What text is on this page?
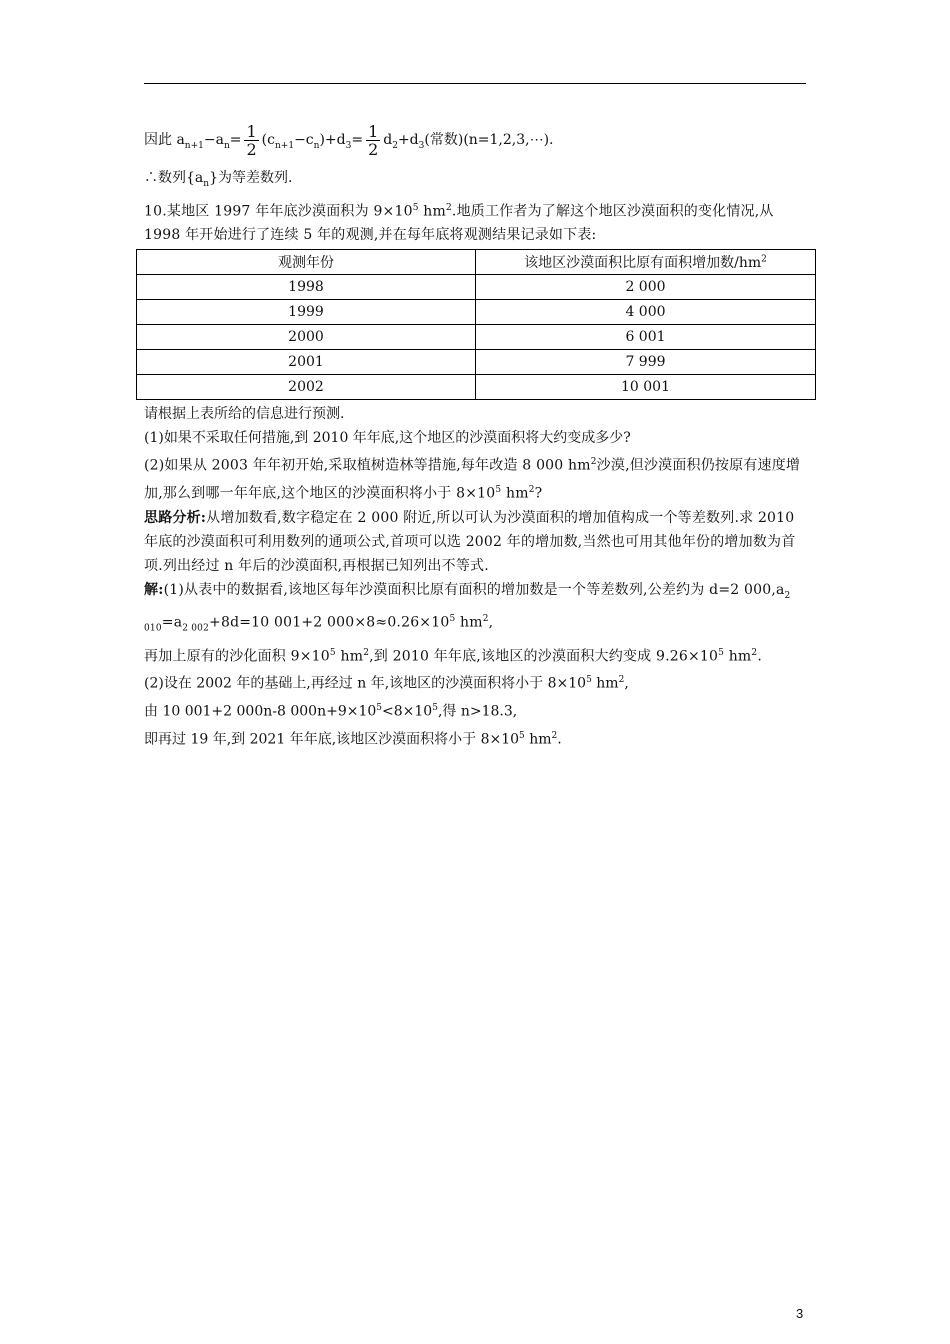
因此 $a_{n+1}-a_n= \frac{1}{2} (c_{n+1}-c_n)+d_3= \frac{1}{2} d_2+d_3$(常数)(n=1,2,3,⋯).
∴数列$\{a_n\}$为等差数列.
10.某地区 1997 年年底沙漠面积为 $9\times 10^5$ $hm^2$.地质工作者为了解这个地区沙漠面积的变化情况,从 1998 年开始进行了连续 5 年的观测,并在每年底将观测结果记录如下表:
观测年份	该地区沙漠面积比原有面积增加数$/hm^2$
1998	2 000
1999	4 000
2000	6 001
2001	7 999
2002	10 001
请根据上表所给的信息进行预测.
(1)如果不采取任何措施,到 2010 年年底,这个地区的沙漠面积将大约变成多少?
(2)如果从 2003 年年初开始,采取植树造林等措施,每年改造 8 000 $hm^2$沙漠,但沙漠面积仍按原有速度增加,那么到哪一年年底,这个地区的沙漠面积将小于 $8\times 10^5$ $hm^2$?
思路分析:从增加数看,数字稳定在 2 000 附近,所以可认为沙漠面积的增加值构成一个等差数列.求 2010 年底的沙漠面积可利用数列的通项公式,首项可以选 2002 年的增加数,当然也可用其他年份的增加数为首项.列出经过 n 年后的沙漠面积,再根据已知列出不等式.
解:(1)从表中的数据看,该地区每年沙漠面积比原有面积的增加数是一个等差数列,公差约为 d=2 $000,a_{2 010}=a_{2 002}+8d=10$ 001+2 $000\times 8\approx 0.26\times 10^5$ $hm^2$,
再加上原有的沙化面积 $9\times 10^5$ $hm^2$,到 2010 年年底,该地区的沙漠面积大约变成 $9.26\times 10^5$ $hm^2$.
(2)设在 2002 年的基础上,再经过 n 年,该地区的沙漠面积将小于 $8\times 10^5$ $hm^2$,
由 10 001+2 000n-8 $000n+9\times 10^5<8\times 10^5$,得 n>18.3,
即再过 19 年,到 2021 年年底,该地区沙漠面积将小于 $8\times 10^5$ $hm^2$.
3
